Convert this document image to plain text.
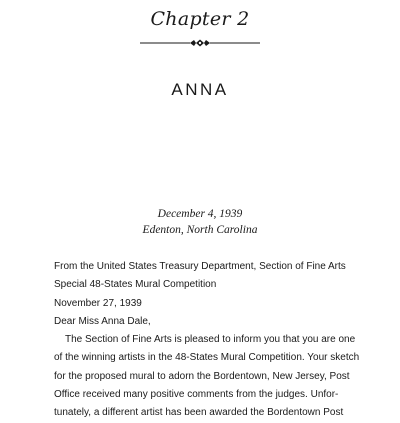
Chapter 2
ANNA
December 4, 1939
Edenton, North Carolina
From the United States Treasury Department, Section of Fine Arts
Special 48-States Mural Competition
November 27, 1939
Dear Miss Anna Dale,
The Section of Fine Arts is pleased to inform you that you are one
of the winning artists in the 48-States Mural Competition. Your sketch
for the proposed mural to adorn the Bordentown, New Jersey, Post
Office received many positive comments from the judges. Unfor-
tunately, a different artist has been awarded the Bordentown Post
